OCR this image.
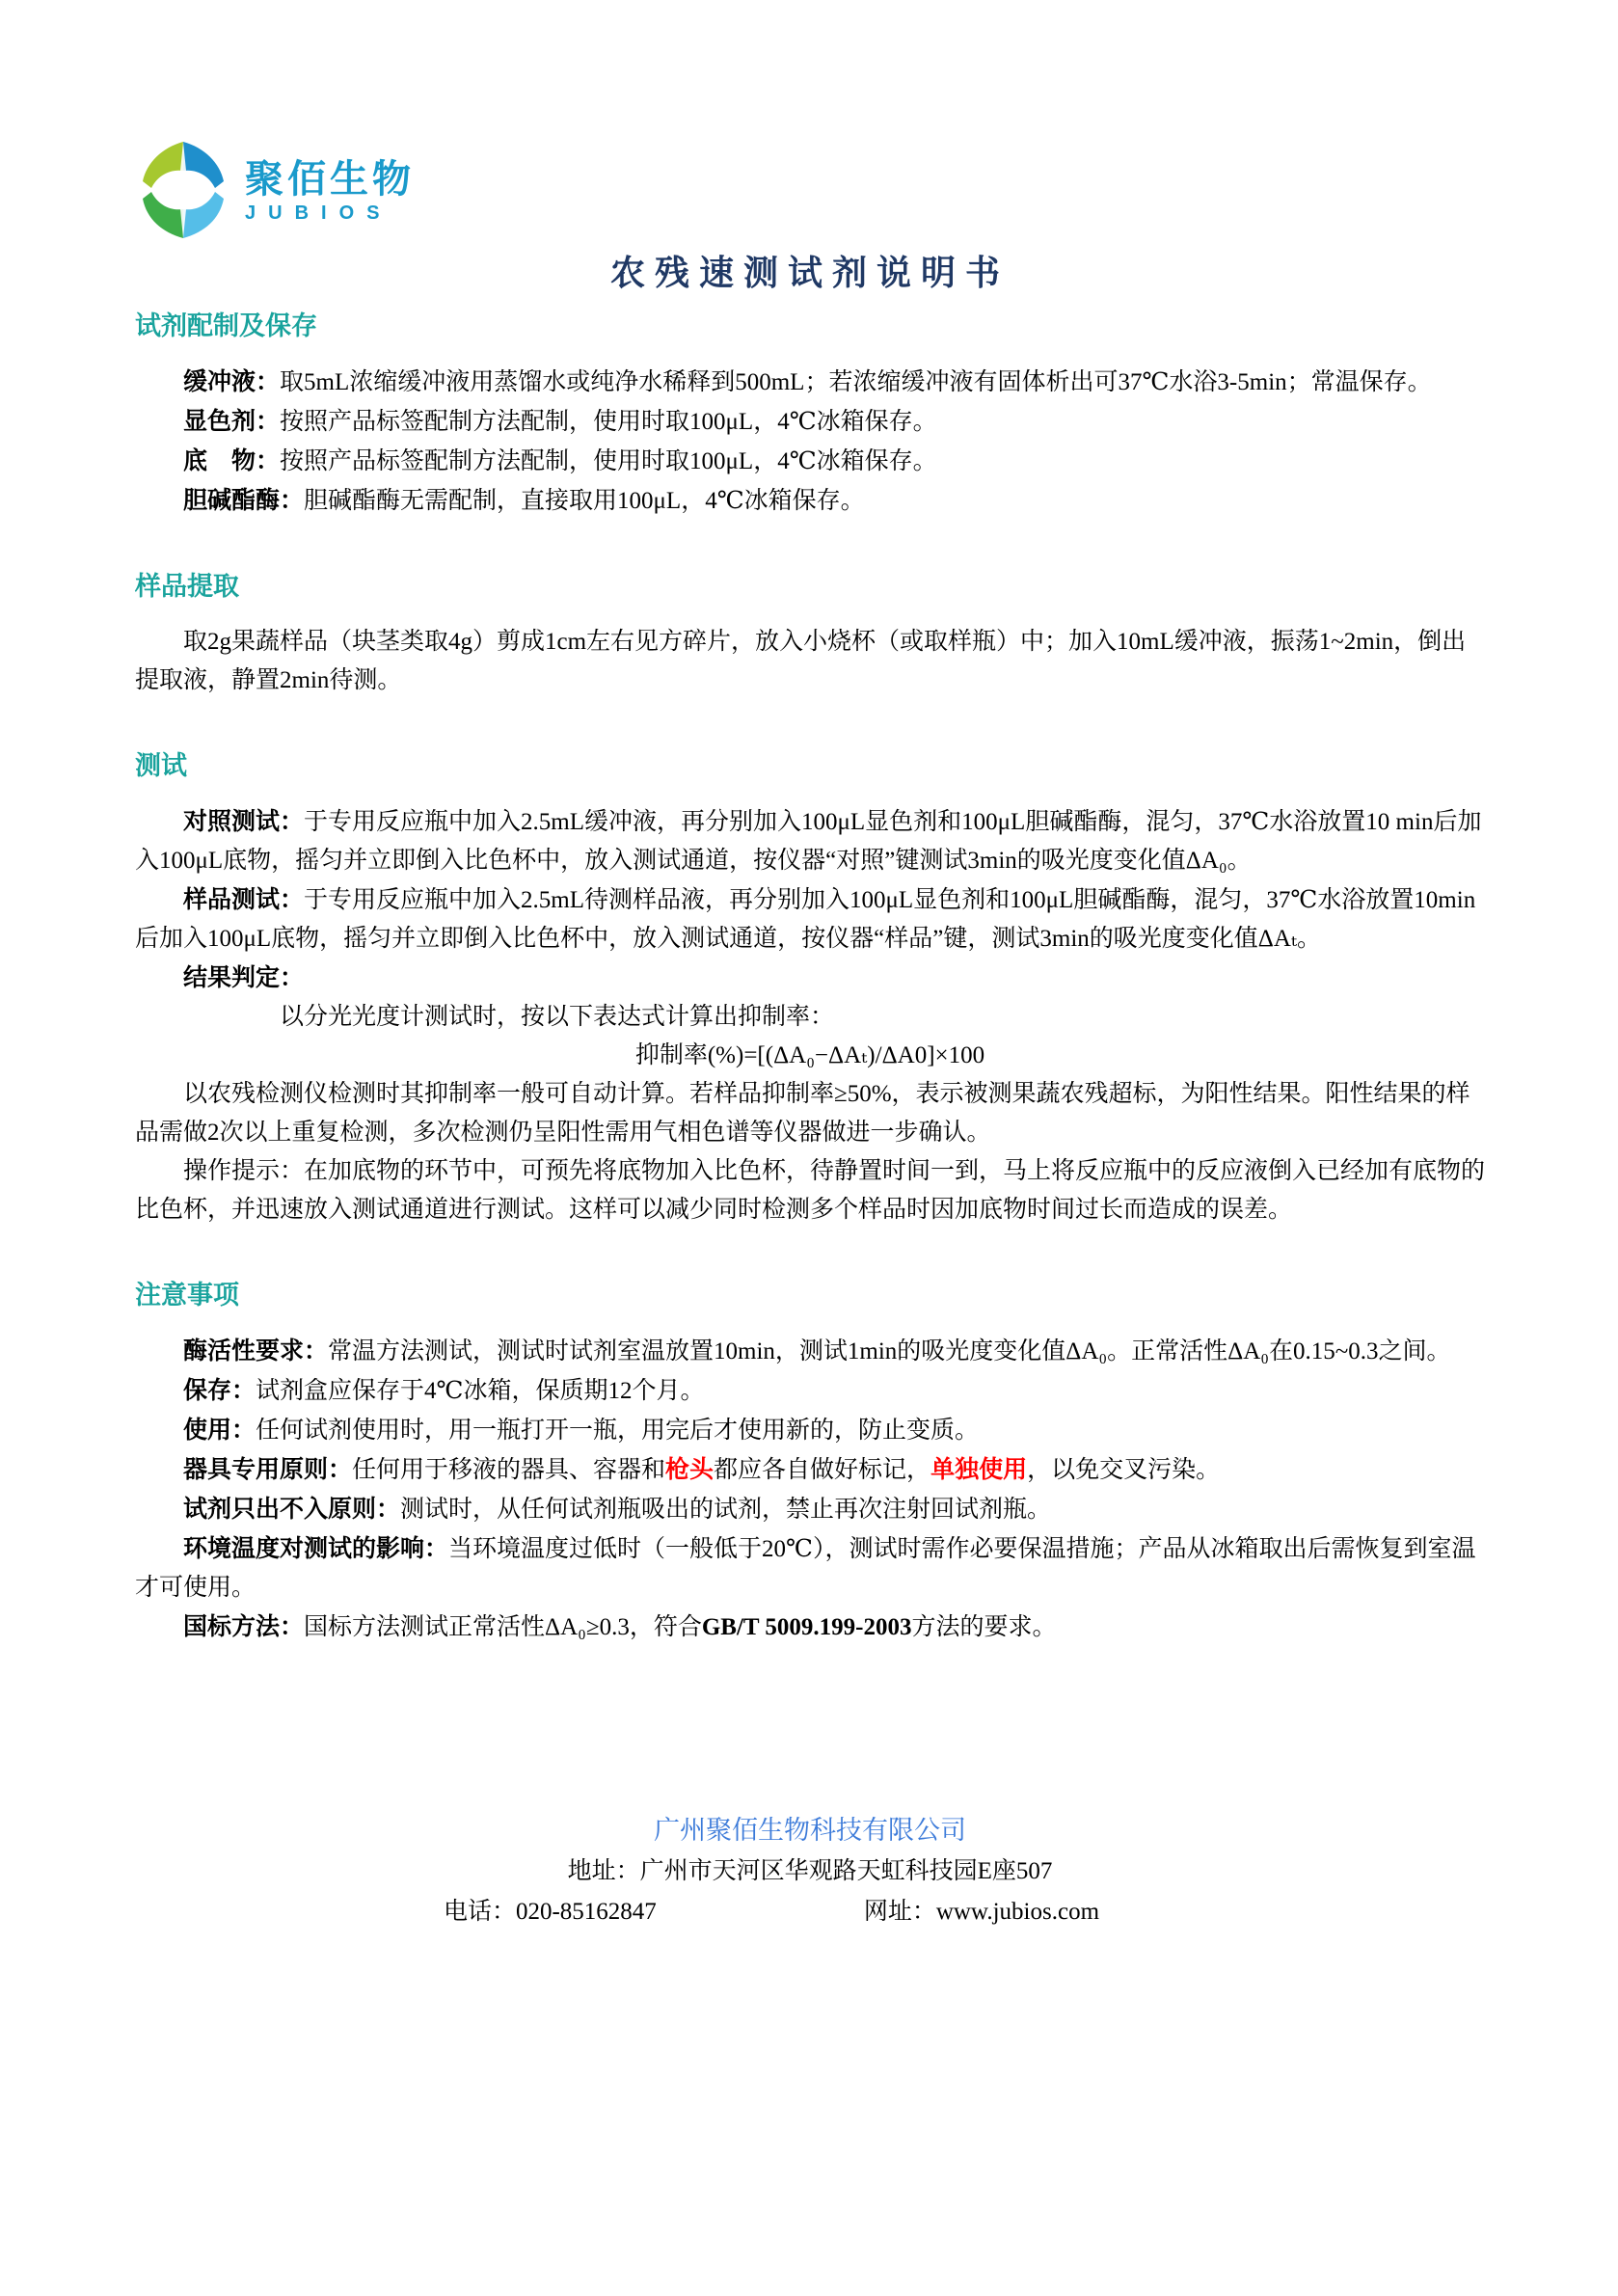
聚佰生物
JUBIOS
农残速测试剂说明书
试剂配制及保存

缓冲液：取5mL浓缩缓冲液用蒸馏水或纯净水稀释到500mL；若浓缩缓冲液有固体析出可37℃水浴3-5min；常温保存。

显色剂：按照产品标签配制方法配制，使用时取100μL，4℃冰箱保存。

底　物：按照产品标签配制方法配制，使用时取100μL，4℃冰箱保存。

胆碱酯酶：胆碱酯酶无需配制，直接取用100μL，4℃冰箱保存。

样品提取

取2g果蔬样品（块茎类取4g）剪成1cm左右见方碎片，放入小烧杯（或取样瓶）中；加入10mL缓冲液，振荡1~2min，倒出提取液，静置2min待测。

测试

对照测试：于专用反应瓶中加入2.5mL缓冲液，再分别加入100μL显色剂和100μL胆碱酯酶，混匀，37℃水浴放置10 min后加入100μL底物，摇匀并立即倒入比色杯中，放入测试通道，按仪器“对照”键测试3min的吸光度变化值ΔA₀。

样品测试：于专用反应瓶中加入2.5mL待测样品液，再分别加入100μL显色剂和100μL胆碱酯酶，混匀，37℃水浴放置10min后加入100μL底物，摇匀并立即倒入比色杯中，放入测试通道，按仪器“样品”键，测试3min的吸光度变化值ΔAₜ。

结果判定：

以分光光度计测试时，按以下表达式计算出抑制率：

抑制率(%)=[(ΔA₀−ΔAₜ)/ΔA0]×100

以农残检测仪检测时其抑制率一般可自动计算。若样品抑制率≥50%，表示被测果蔬农残超标，为阳性结果。阳性结果的样品需做2次以上重复检测，多次检测仍呈阳性需用气相色谱等仪器做进一步确认。

操作提示：在加底物的环节中，可预先将底物加入比色杯，待静置时间一到，马上将反应瓶中的反应液倒入已经加有底物的比色杯，并迅速放入测试通道进行测试。这样可以减少同时检测多个样品时因加底物时间过长而造成的误差。

注意事项

酶活性要求：常温方法测试，测试时试剂室温放置10min，测试1min的吸光度变化值ΔA₀。正常活性ΔA₀在0.15~0.3之间。

保存：试剂盒应保存于4℃冰箱，保质期12个月。

使用：任何试剂使用时，用一瓶打开一瓶，用完后才使用新的，防止变质。

器具专用原则：任何用于移液的器具、容器和枪头都应各自做好标记，单独使用，以免交叉污染。

试剂只出不入原则：测试时，从任何试剂瓶吸出的试剂，禁止再次注射回试剂瓶。

环境温度对测试的影响：当环境温度过低时（一般低于20℃），测试时需作必要保温措施；产品从冰箱取出后需恢复到室温才可使用。

国标方法：国标方法测试正常活性ΔA₀≥0.3，符合GB/T 5009.199-2003方法的要求。

广州聚佰生物科技有限公司
地址：广州市天河区华观路天虹科技园E座507
电话：020-85162847	网址：www.jubios.com
